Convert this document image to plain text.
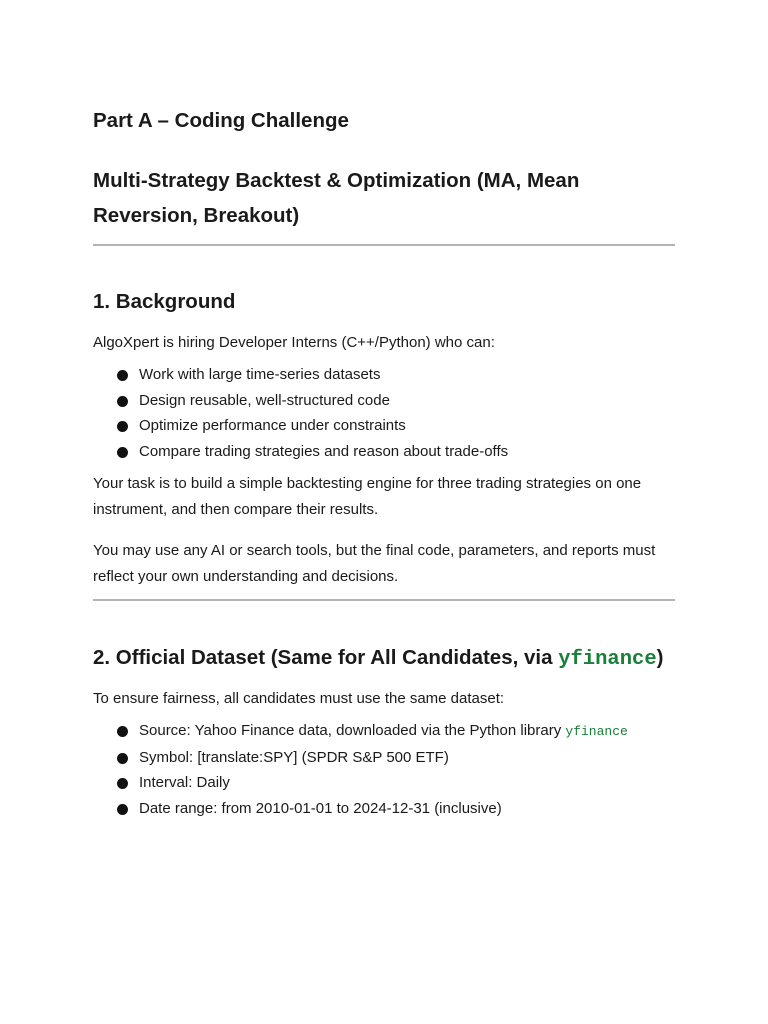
Part A – Coding Challenge
Multi-Strategy Backtest & Optimization (MA, Mean Reversion, Breakout)
1. Background

AlgoXpert is hiring Developer Interns (C++/Python) who can:

Work with large time-series datasets
Design reusable, well-structured code
Optimize performance under constraints
Compare trading strategies and reason about trade-offs

Your task is to build a simple backtesting engine for three trading strategies on one instrument, and then compare their results.

You may use any AI or search tools, but the final code, parameters, and reports must reflect your own understanding and decisions.

2. Official Dataset (Same for All Candidates, via yfinance)

To ensure fairness, all candidates must use the same dataset:

Source: Yahoo Finance data, downloaded via the Python library yfinance
Symbol: [translate:SPY] (SPDR S&P 500 ETF)
Interval: Daily
Date range: from 2010-01-01 to 2024-12-31 (inclusive)
